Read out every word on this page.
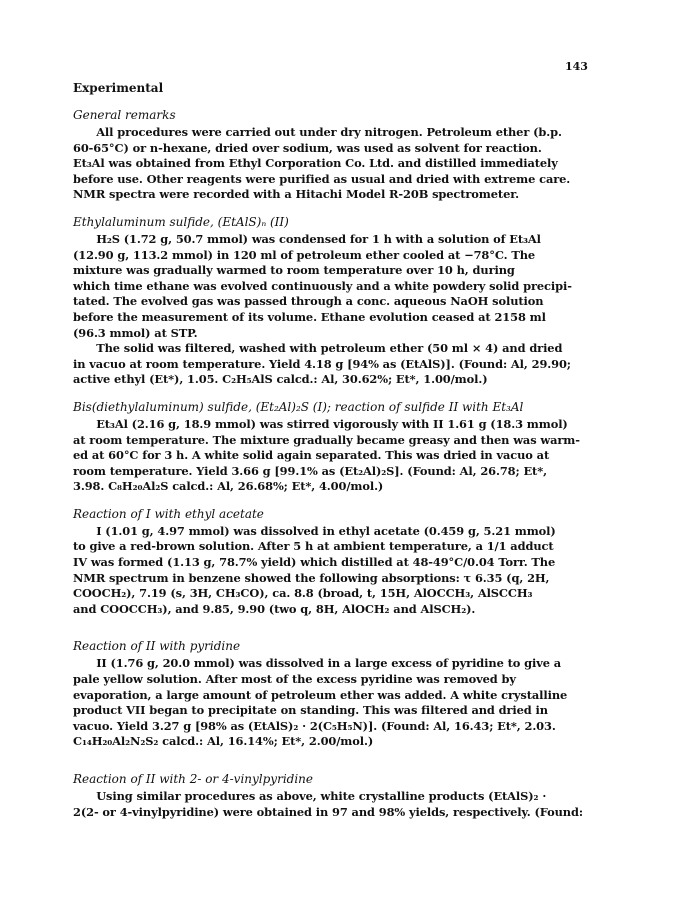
143
Experimental
General remarks
All procedures were carried out under dry nitrogen. Petroleum ether (b.p.
60-65°C) or n-hexane, dried over sodium, was used as solvent for reaction.
Et₃Al was obtained from Ethyl Corporation Co. Ltd. and distilled immediately
before use. Other reagents were purified as usual and dried with extreme care.
NMR spectra were recorded with a Hitachi Model R-20B spectrometer.
Ethylaluminum sulfide, (EtAlS)ₙ (II)
H₂S (1.72 g, 50.7 mmol) was condensed for 1 h with a solution of Et₃Al
(12.90 g, 113.2 mmol) in 120 ml of petroleum ether cooled at −78°C. The
mixture was gradually warmed to room temperature over 10 h, during
which time ethane was evolved continuously and a white powdery solid precipi-
tated. The evolved gas was passed through a conc. aqueous NaOH solution
before the measurement of its volume. Ethane evolution ceased at 2158 ml
(96.3 mmol) at STP.
The solid was filtered, washed with petroleum ether (50 ml × 4) and dried
in vacuo at room temperature. Yield 4.18 g [94% as (EtAlS)]. (Found: Al, 29.90;
active ethyl (Et*), 1.05. C₂H₅AlS calcd.: Al, 30.62%; Et*, 1.00/mol.)
Bis(diethylaluminum) sulfide, (Et₂Al)₂S (I); reaction of sulfide II with Et₃Al
Et₃Al (2.16 g, 18.9 mmol) was stirred vigorously with II 1.61 g (18.3 mmol)
at room temperature. The mixture gradually became greasy and then was warm-
ed at 60°C for 3 h. A white solid again separated. This was dried in vacuo at
room temperature. Yield 3.66 g [99.1% as (Et₂Al)₂S]. (Found: Al, 26.78; Et*,
3.98. C₈H₂₀Al₂S calcd.: Al, 26.68%; Et*, 4.00/mol.)
Reaction of I with ethyl acetate
I (1.01 g, 4.97 mmol) was dissolved in ethyl acetate (0.459 g, 5.21 mmol)
to give a red-brown solution. After 5 h at ambient temperature, a 1/1 adduct
IV was formed (1.13 g, 78.7% yield) which distilled at 48-49°C/0.04 Torr. The
NMR spectrum in benzene showed the following absorptions: τ 6.35 (q, 2H,
COOCH₂), 7.19 (s, 3H, CH₃CO), ca. 8.8 (broad, t, 15H, AlOCCH₃, AlSCCH₃
and COOCCH₃), and 9.85, 9.90 (two q, 8H, AlOCH₂ and AlSCH₂).
Reaction of II with pyridine
II (1.76 g, 20.0 mmol) was dissolved in a large excess of pyridine to give a
pale yellow solution. After most of the excess pyridine was removed by
evaporation, a large amount of petroleum ether was added. A white crystalline
product VII began to precipitate on standing. This was filtered and dried in
vacuo. Yield 3.27 g [98% as (EtAlS)₂ · 2(C₅H₅N)]. (Found: Al, 16.43; Et*, 2.03.
C₁₄H₂₀Al₂N₂S₂ calcd.: Al, 16.14%; Et*, 2.00/mol.)
Reaction of II with 2- or 4-vinylpyridine
Using similar procedures as above, white crystalline products (EtAlS)₂ ·
2(2- or 4-vinylpyridine) were obtained in 97 and 98% yields, respectively. (Found:
